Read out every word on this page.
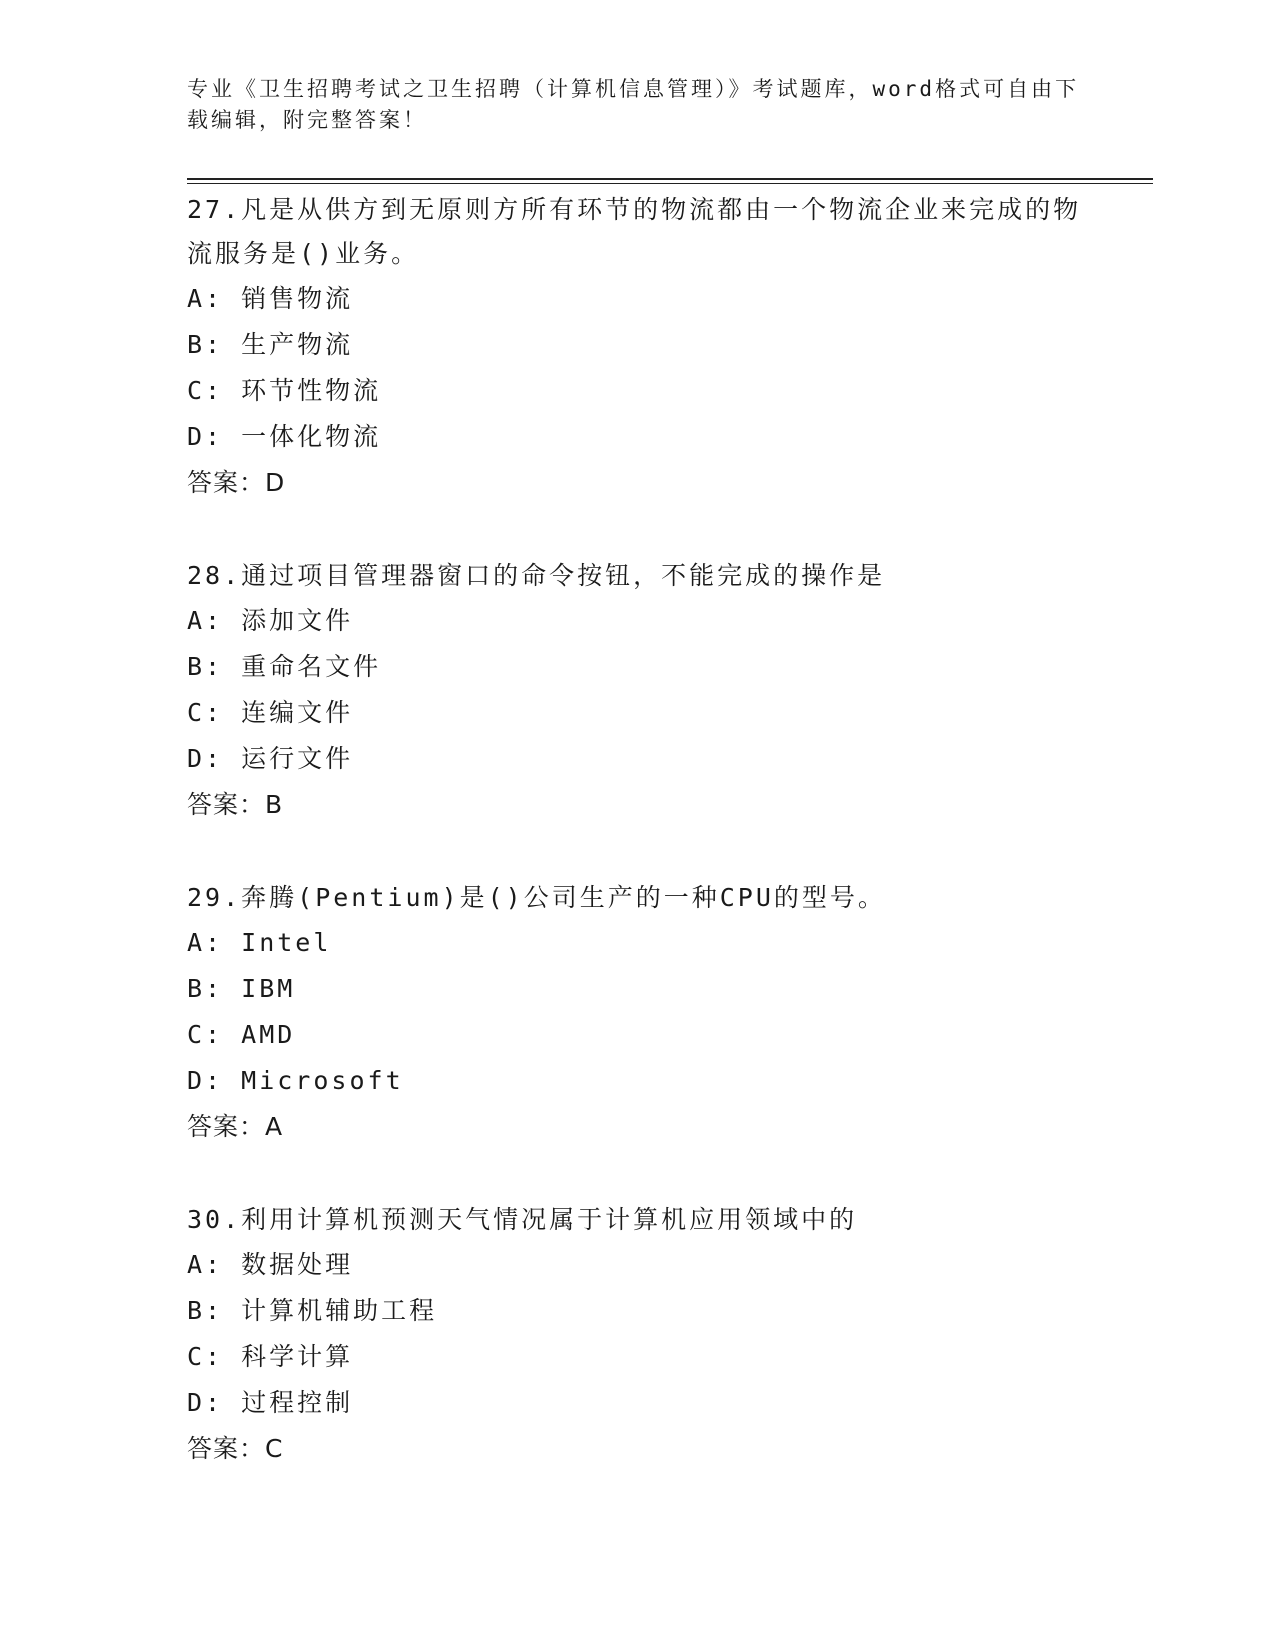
专业《卫生招聘考试之卫生招聘（计算机信息管理）》考试题库，word格式可自由下载编辑，附完整答案！

27.凡是从供方到无原则方所有环节的物流都由一个物流企业来完成的物流服务是()业务。

A: 销售物流
B: 生产物流
C: 环节性物流
D: 一体化物流
答案：D

28.通过项目管理器窗口的命令按钮，不能完成的操作是

A: 添加文件
B: 重命名文件
C: 连编文件
D: 运行文件
答案：B

29.奔腾(Pentium)是()公司生产的一种CPU的型号。

A: Intel
B: IBM
C: AMD
D: Microsoft
答案：A

30.利用计算机预测天气情况属于计算机应用领域中的

A: 数据处理
B: 计算机辅助工程
C: 科学计算
D: 过程控制
答案：C
